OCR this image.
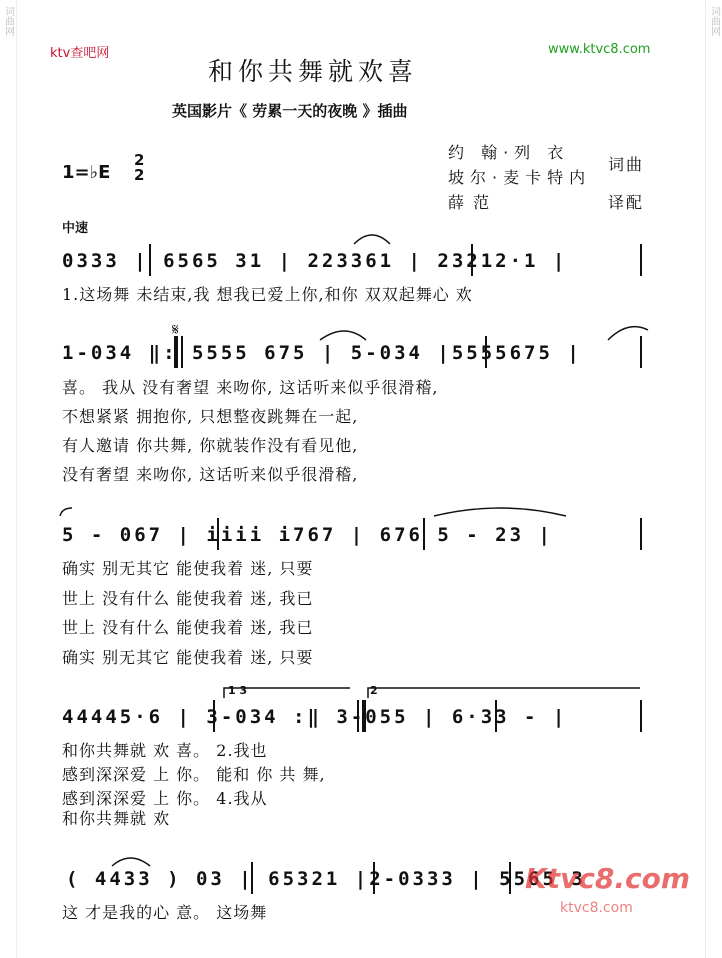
词曲网	词曲网
ktv查吧网	www.ktvc8.com
和你共舞就欢喜
英国影片《 劳累一天的夜晚 》插曲
约 翰·列 衣
坡尔·麦卡特内
词曲
薛 范	译配
1=♭E
2
2
中速
0333 | 6565 31 | 223361 | 23212·1 |
1.这场舞 未结束,我 想我已爱上你,和你 双双起舞心 欢
𝄋
1-034 ‖: 5555 675 | 5-034 |5555675 |
喜。 我从 没有奢望 来吻你, 这话听来似乎很滑稽,
不想紧紧 拥抱你, 只想整夜跳舞在一起,
有人邀请 你共舞, 你就装作没有看见他,
没有奢望 来吻你, 这话听来似乎很滑稽,
5 - 067 | iiii i767 | 676 5 - 23 |
确实 别无其它 能使我着 迷, 只要
世上 没有什么 能使我着 迷, 我已
世上 没有什么 能使我着 迷, 我已
确实 别无其它 能使我着 迷, 只要
1 3	2
44445·6 | 3-034 :‖ 3-055 | 6·33 - |
和你共舞就 欢 喜。 2.我也
感到深深爱 上 你。 能和 你 共 舞,
感到深深爱 上 你。 4.我从
和你共舞就 欢
( 4433 ) 03 | 65321 |2-0333 | 5565 3
这 才是我的心 意。 这场舞
Ktvc8.com
ktvc8.com
